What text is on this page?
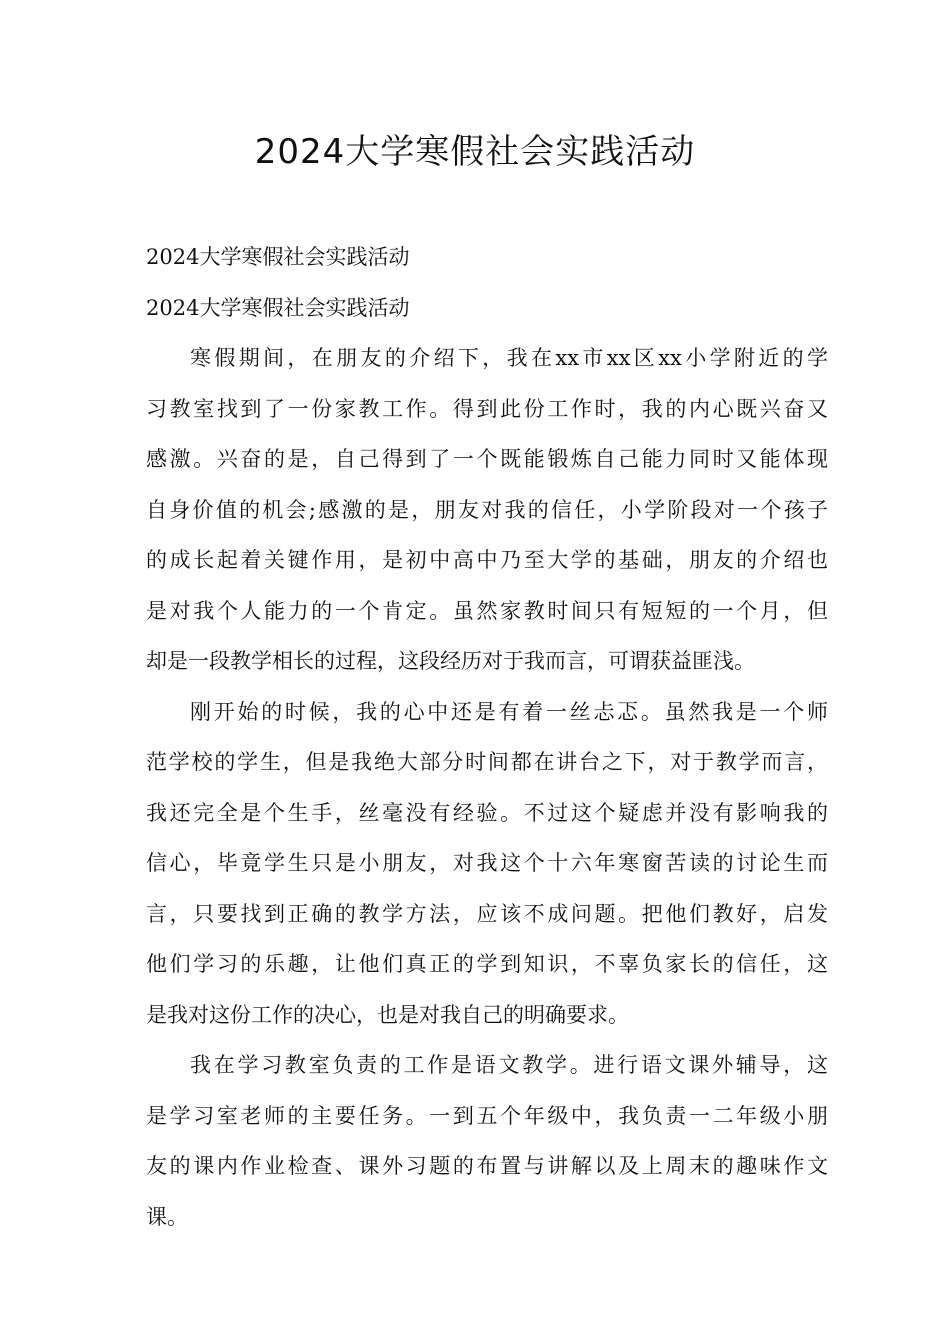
2024大学寒假社会实践活动
2024大学寒假社会实践活动
2024大学寒假社会实践活动
寒假期间，在朋友的介绍下，我在xx市xx区xx小学附近的学
习教室找到了一份家教工作。得到此份工作时，我的内心既兴奋又
感激。兴奋的是，自己得到了一个既能锻炼自己能力同时又能体现
自身价值的机会;感激的是，朋友对我的信任，小学阶段对一个孩子
的成长起着关键作用，是初中高中乃至大学的基础，朋友的介绍也
是对我个人能力的一个肯定。虽然家教时间只有短短的一个月，但
却是一段教学相长的过程，这段经历对于我而言，可谓获益匪浅。
刚开始的时候，我的心中还是有着一丝忐忑。虽然我是一个师
范学校的学生，但是我绝大部分时间都在讲台之下，对于教学而言，
我还完全是个生手，丝毫没有经验。不过这个疑虑并没有影响我的
信心，毕竟学生只是小朋友，对我这个十六年寒窗苦读的讨论生而
言，只要找到正确的教学方法，应该不成问题。把他们教好，启发
他们学习的乐趣，让他们真正的学到知识，不辜负家长的信任，这
是我对这份工作的决心，也是对我自己的明确要求。
我在学习教室负责的工作是语文教学。进行语文课外辅导，这
是学习室老师的主要任务。一到五个年级中，我负责一二年级小朋
友的课内作业检查、课外习题的布置与讲解以及上周末的趣味作文
课。
